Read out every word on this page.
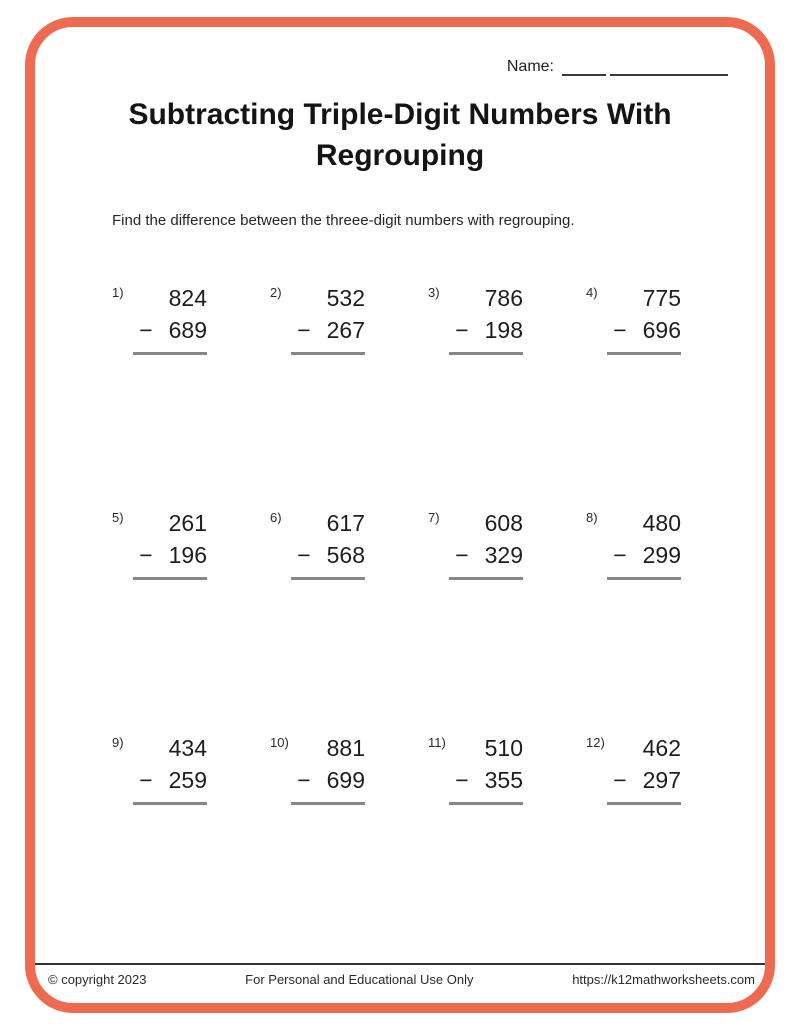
Name:
Subtracting Triple-Digit Numbers With
Regrouping
Find the difference between the threee-digit numbers with regrouping.
1) 824
− 689
2) 532
− 267
3) 786
− 198
4) 775
− 696
5) 261
− 196
6) 617
− 568
7) 608
− 329
8) 480
− 299
9) 434
− 259
10) 881
− 699
11) 510
− 355
12) 462
− 297
© copyright 2023	For Personal and Educational Use Only	https://k12mathworksheets.com
